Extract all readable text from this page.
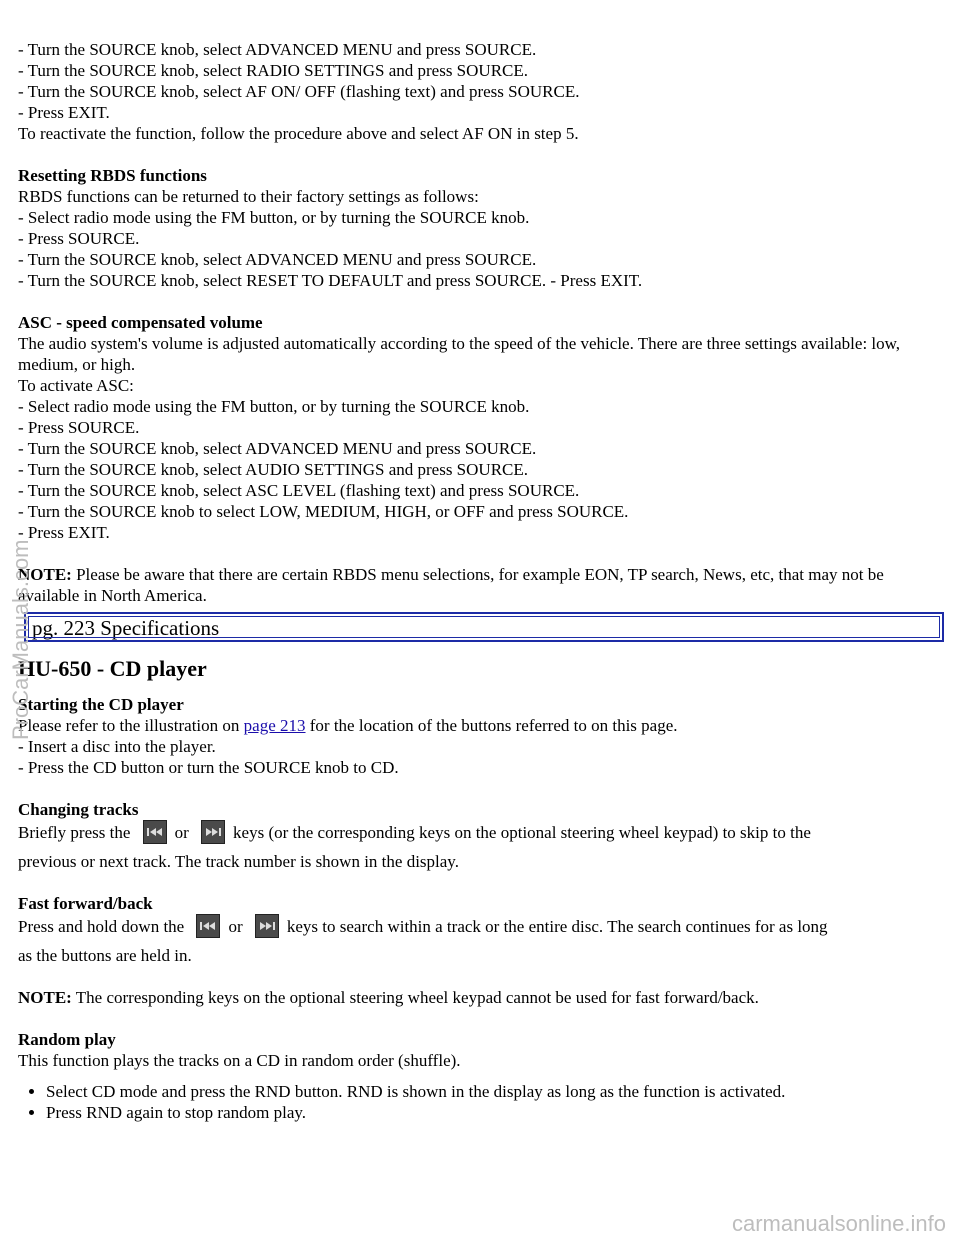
- Turn the SOURCE knob, select ADVANCED MENU and press SOURCE.
- Turn the SOURCE knob, select RADIO SETTINGS and press SOURCE.
- Turn the SOURCE knob, select AF ON/ OFF (flashing text) and press SOURCE.
- Press EXIT.
To reactivate the function, follow the procedure above and select AF ON in step 5.
Resetting RBDS functions
RBDS functions can be returned to their factory settings as follows:
- Select radio mode using the FM button, or by turning the SOURCE knob.
- Press SOURCE.
- Turn the SOURCE knob, select ADVANCED MENU and press SOURCE.
- Turn the SOURCE knob, select RESET TO DEFAULT and press SOURCE. - Press EXIT.
ASC - speed compensated volume
The audio system's volume is adjusted automatically according to the speed of the vehicle. There are three settings available: low, medium, or high.
To activate ASC:
- Select radio mode using the FM button, or by turning the SOURCE knob.
- Press SOURCE.
- Turn the SOURCE knob, select ADVANCED MENU and press SOURCE.
- Turn the SOURCE knob, select AUDIO SETTINGS and press SOURCE.
- Turn the SOURCE knob, select ASC LEVEL (flashing text) and press SOURCE.
- Turn the SOURCE knob to select LOW, MEDIUM, HIGH, or OFF and press SOURCE.
- Press EXIT.
NOTE: Please be aware that there are certain RBDS menu selections, for example EON, TP search, News, etc, that may not be available in North America.
pg. 223 Specifications
HU-650 - CD player
Starting the CD player
Please refer to the illustration on page 213 for the location of the buttons referred to on this page.
- Insert a disc into the player.
- Press the CD button or turn the SOURCE knob to CD.
Changing tracks
Briefly press the	or	keys (or the corresponding keys on the optional steering wheel keypad) to skip to the
previous or next track. The track number is shown in the display.
Fast forward/back
Press and hold down the	or	keys to search within a track or the entire disc. The search continues for as long
as the buttons are held in.
NOTE: The corresponding keys on the optional steering wheel keypad cannot be used for fast forward/back.
Random play
This function plays the tracks on a CD in random order (shuffle).
• Select CD mode and press the RND button. RND is shown in the display as long as the function is activated.
• Press RND again to stop random play.
ProCarManuals.com
carmanualsonline.info
